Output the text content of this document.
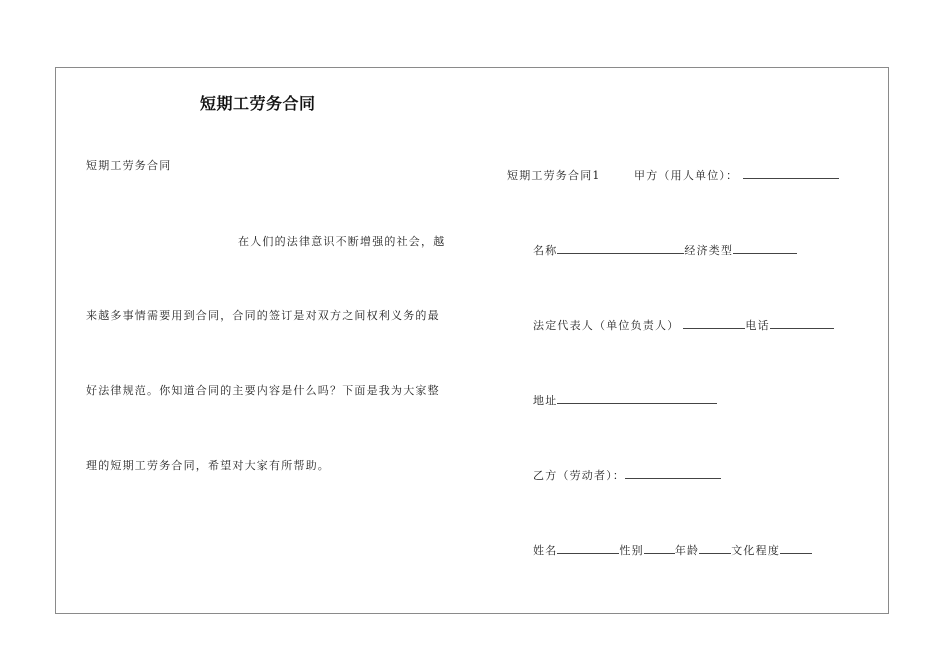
短期工劳务合同
短期工劳务合同
在人们的法律意识不断增强的社会，越
来越多事情需要用到合同，合同的签订是对双方之间权利义务的最
好法律规范。你知道合同的主要内容是什么吗？下面是我为大家整
理的短期工劳务合同，希望对大家有所帮助。
短期工劳务合同1	甲方（用人单位）：
名称	经济类型
法定代表人（单位负责人）	电话
地址
乙方（劳动者）：
姓名	性别	年龄	文化程度
